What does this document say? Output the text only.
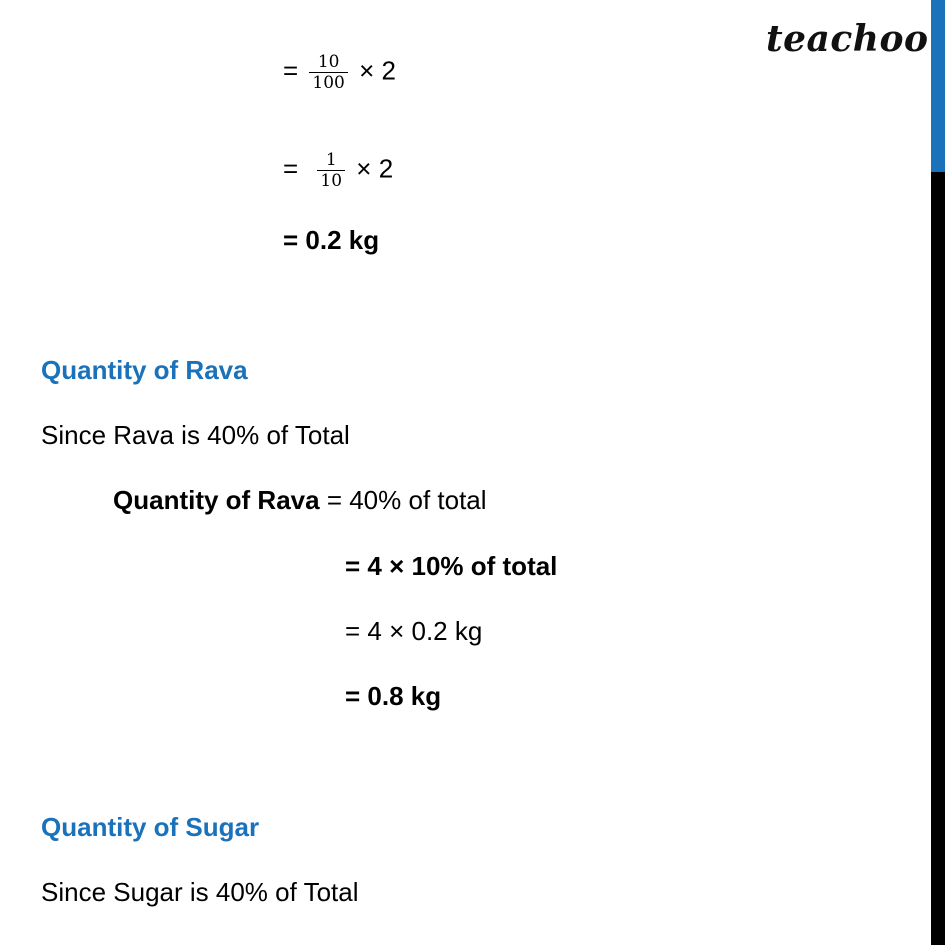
teachoo
= $\frac{10}{100} \times 2$
= $\frac{1}{10} \times 2$
= 0.2 kg
Quantity of Rava
Since Rava is 40% of Total
Quantity of Rava = 40% of total
= 4 × 10% of total
= 4 × 0.2 kg
= 0.8 kg
Quantity of Sugar
Since Sugar is 40% of Total
